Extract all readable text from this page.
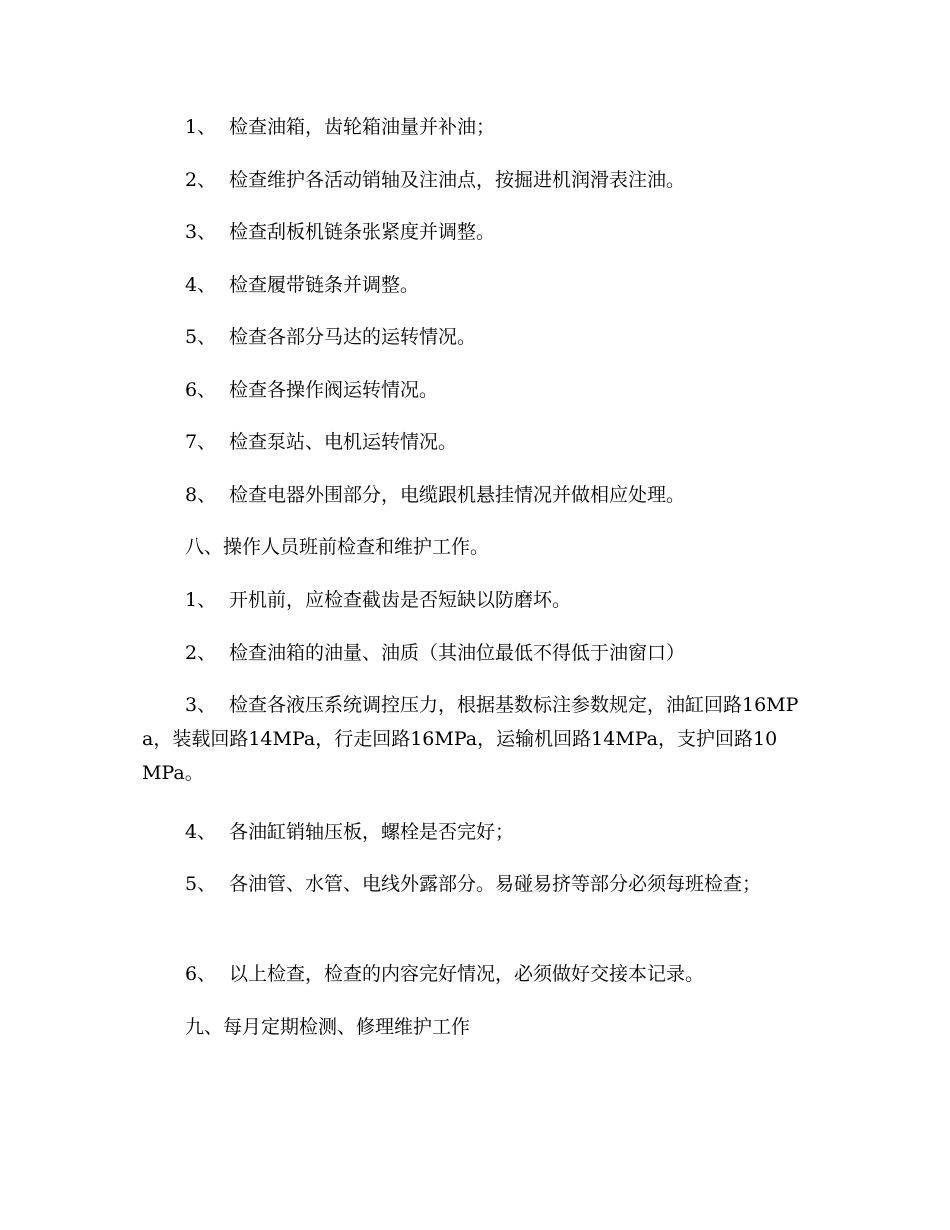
1、 检查油箱，齿轮箱油量并补油；

2、 检查维护各活动销轴及注油点，按掘进机润滑表注油。

3、 检查刮板机链条张紧度并调整。

4、 检查履带链条并调整。

5、 检查各部分马达的运转情况。

6、 检查各操作阀运转情况。

7、 检查泵站、电机运转情况。

8、 检查电器外围部分，电缆跟机悬挂情况并做相应处理。

八、操作人员班前检查和维护工作。

1、 开机前，应检查截齿是否短缺以防磨坏。

2、 检查油箱的油量、油质（其油位最低不得低于油窗口）

3、 检查各液压系统调控压力，根据基数标注参数规定，油缸回路16MPa，装载回路14MPa，行走回路16MPa，运输机回路14MPa，支护回路10 MPa。

4、 各油缸销轴压板，螺栓是否完好；

5、 各油管、水管、电线外露部分。易碰易挤等部分必须每班检查；

6、 以上检查，检查的内容完好情况，必须做好交接本记录。

九、每月定期检测、修理维护工作
